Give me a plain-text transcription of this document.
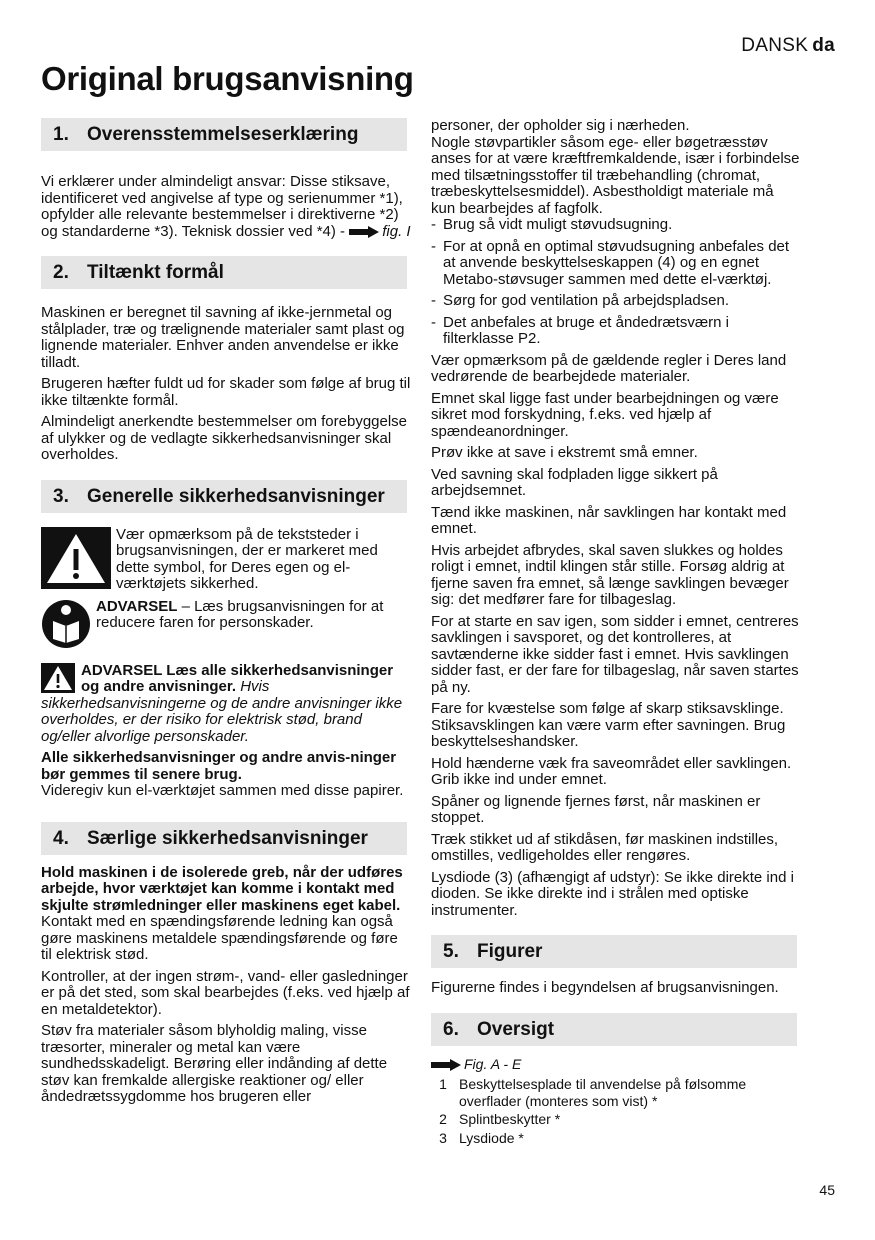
DANSK da
Original brugsanvisning
1. Overensstemmelseserklæring

Vi erklærer under almindeligt ansvar: Disse stiksave, identificeret ved angivelse af type og serienummer *1), opfylder alle relevante bestemmelser i direktiverne *2) og standarderne *3). Teknisk dossier ved *4) - fig. I

2. Tiltænkt formål

Maskinen er beregnet til savning af ikke-jernmetal og stålplader, træ og trælignende materialer samt plast og lignende materialer. Enhver anden anvendelse er ikke tilladt.

Brugeren hæfter fuldt ud for skader som følge af brug til ikke tiltænkte formål.

Almindeligt anerkendte bestemmelser om forebyggelse af ulykker og de vedlagte sikkerhedsanvisninger skal overholdes.

3. Generelle sikkerhedsanvisninger

Vær opmærksom på de tekststeder i brugsanvisningen, der er markeret med dette symbol, for Deres egen og el-værktøjets sikkerhed.

ADVARSEL – Læs brugsanvisningen for at reducere faren for personskader.

ADVARSEL Læs alle sikkerhedsanvisninger og andre anvisninger. Hvis sikkerhedsanvisningerne og de andre anvisninger ikke overholdes, er der risiko for elektrisk stød, brand og/eller alvorlige personskader.

Alle sikkerhedsanvisninger og andre anvis-ninger bør gemmes til senere brug.
Videregiv kun el-værktøjet sammen med disse papirer.

4. Særlige sikkerhedsanvisninger

Hold maskinen i de isolerede greb, når der udføres arbejde, hvor værktøjet kan komme i kontakt med skjulte strømledninger eller maskinens eget kabel. Kontakt med en spændingsførende ledning kan også gøre maskinens metaldele spændingsførende og føre til elektrisk stød.

Kontroller, at der ingen strøm-, vand- eller gasledninger er på det sted, som skal bearbejdes (f.eks. ved hjælp af en metaldetektor).

Støv fra materialer såsom blyholdig maling, visse træsorter, mineraler og metal kan være sundhedsskadeligt. Berøring eller indånding af dette støv kan fremkalde allergiske reaktioner og/ eller åndedrætssygdomme hos brugeren eller

personer, der opholder sig i nærheden.

Nogle støvpartikler såsom ege- eller bøgetræsstøv anses for at være kræftfremkaldende, især i forbindelse med tilsætningsstoffer til træbehandling (chromat, træbeskyttelsesmiddel). Asbestholdigt materiale må kun bearbejdes af fagfolk.

- Brug så vidt muligt støvudsugning.

- For at opnå en optimal støvudsugning anbefales det at anvende beskyttelseskappen (4) og en egnet Metabo-støvsuger sammen med dette el-værktøj.

- Sørg for god ventilation på arbejdspladsen.

- Det anbefales at bruge et åndedrætsværn i filterklasse P2.

Vær opmærksom på de gældende regler i Deres land vedrørende de bearbejdede materialer.

Emnet skal ligge fast under bearbejdningen og være sikret mod forskydning, f.eks. ved hjælp af spændeanordninger.

Prøv ikke at save i ekstremt små emner.

Ved savning skal fodpladen ligge sikkert på arbejdsemnet.

Tænd ikke maskinen, når savklingen har kontakt med emnet.

Hvis arbejdet afbrydes, skal saven slukkes og holdes roligt i emnet, indtil klingen står stille. Forsøg aldrig at fjerne saven fra emnet, så længe savklingen bevæger sig: det medfører fare for tilbageslag.

For at starte en sav igen, som sidder i emnet, centreres savklingen i savsporet, og det kontrolleres, at savtænderne ikke sidder fast i emnet. Hvis savklingen sidder fast, er der fare for tilbageslag, når saven startes på ny.

Fare for kvæstelse som følge af skarp stiksavsklinge. Stiksavsklingen kan være varm efter savningen. Brug beskyttelseshandsker.

Hold hænderne væk fra saveområdet eller savklingen. Grib ikke ind under emnet.

Spåner og lignende fjernes først, når maskinen er stoppet.

Træk stikket ud af stikdåsen, før maskinen indstilles, omstilles, vedligeholdes eller rengøres.

Lysdiode (3) (afhængigt af udstyr): Se ikke direkte ind i dioden. Se ikke direkte ind i strålen med optiske instrumenter.

5. Figurer

Figurerne findes i begyndelsen af brugsanvisningen.

6. Oversigt
Fig. A - E
1 Beskyttelsesplade til anvendelse på følsomme overflader (monteres som vist) *
2 Splintbeskytter *
3 Lysdiode *
45
